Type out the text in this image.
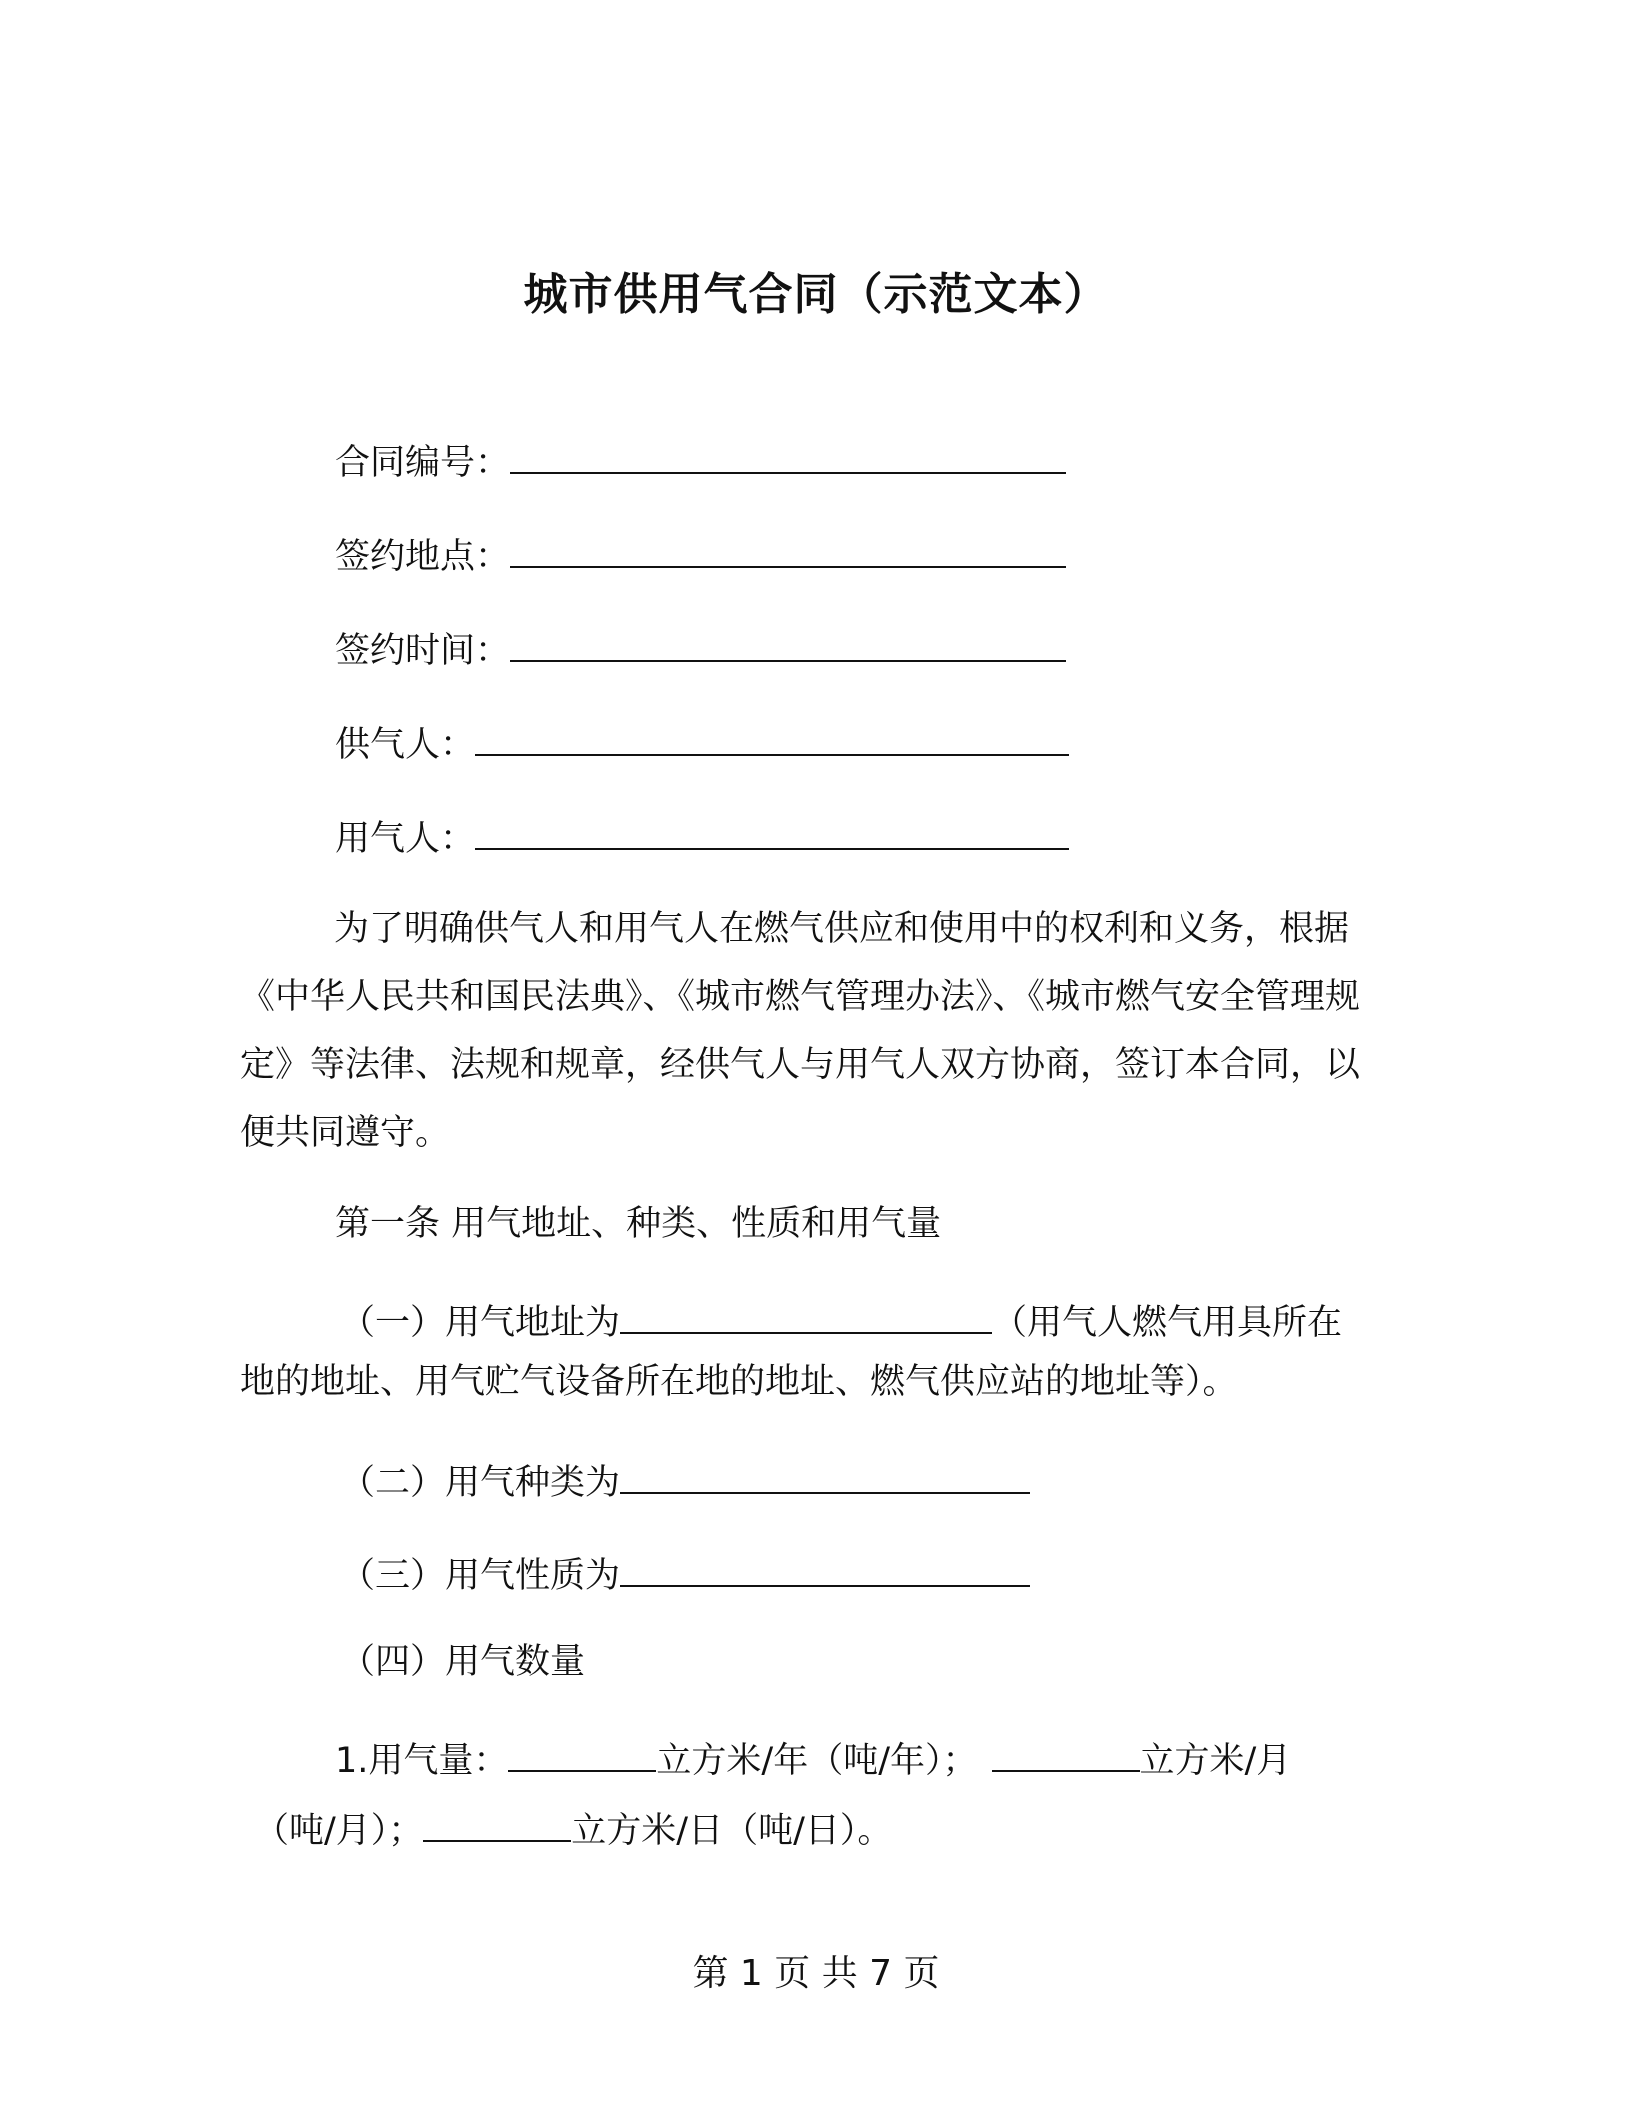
城市供用气合同（示范文本）
合同编号：
签约地点：
签约时间：
供气人：
用气人：
为了明确供气人和用气人在燃气供应和使用中的权利和义务，根据《中华人民共和国民法典》、《城市燃气管理办法》、《城市燃气安全管理规定》等法律、法规和规章，经供气人与用气人双方协商，签订本合同，以便共同遵守。
第一条 用气地址、种类、性质和用气量
（一）用气地址为	（用气人燃气用具所在
地的地址、用气贮气设备所在地的地址、燃气供应站的地址等）。
（二）用气种类为
（三）用气性质为
（四）用气数量
1.用气量：	立方米/年（吨/年）；	立方米/月
（吨/月）；	立方米/日（吨/日）。
第 1 页 共 7 页
